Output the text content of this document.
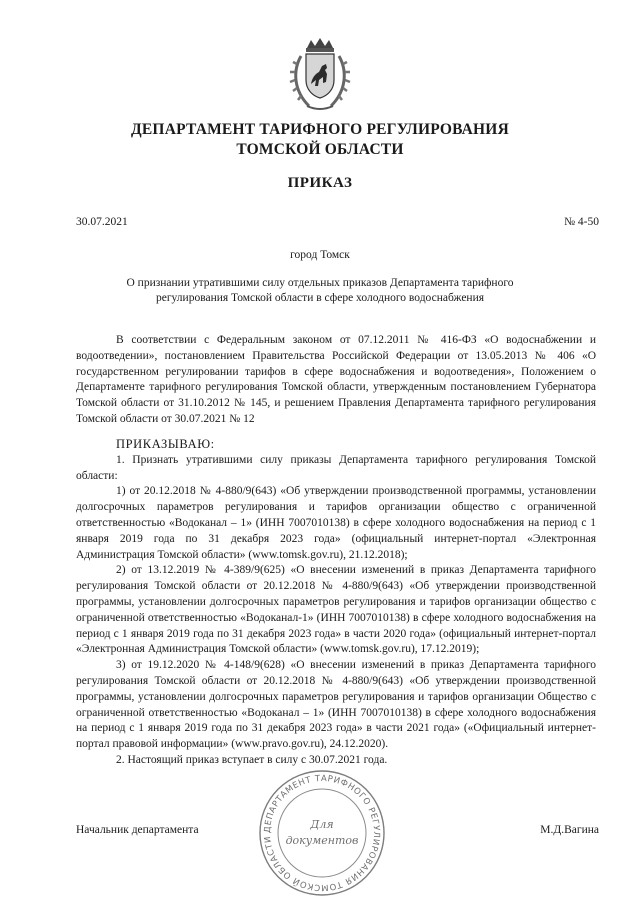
ДЕПАРТАМЕНТ ТАРИФНОГО РЕГУЛИРОВАНИЯ
ТОМСКОЙ ОБЛАСТИ
ПРИКАЗ
30.07.2021	№ 4-50
город Томск
О признании утратившими силу отдельных приказов Департамента тарифного
регулирования Томской области в сфере холодного водоснабжения

В соответствии с Федеральным законом от 07.12.2011 № 416-ФЗ «О водоснабжении и водоотведении», постановлением Правительства Российской Федерации от 13.05.2013 № 406 «О государственном регулировании тарифов в сфере водоснабжения и водоотведения», Положением о Департаменте тарифного регулирования Томской области, утвержденным постановлением Губернатора Томской области от 31.10.2012 № 145, и решением Правления Департамента тарифного регулирования Томской области от 30.07.2021 № 12

ПРИКАЗЫВАЮ:

1. Признать утратившими силу приказы Департамента тарифного регулирования Томской области:

1) от 20.12.2018 № 4-880/9(643) «Об утверждении производственной программы, установлении долгосрочных параметров регулирования и тарифов организации общество с ограниченной ответственностью «Водоканал – 1» (ИНН 7007010138) в сфере холодного водоснабжения на период с 1 января 2019 года по 31 декабря 2023 года» (официальный интернет-портал «Электронная Администрация Томской области» (www.tomsk.gov.ru), 21.12.2018);

2) от 13.12.2019 № 4-389/9(625) «О внесении изменений в приказ Департамента тарифного регулирования Томской области от 20.12.2018 № 4-880/9(643) «Об утверждении производственной программы, установлении долгосрочных параметров регулирования и тарифов организации общество с ограниченной ответственностью «Водоканал-1» (ИНН 7007010138) в сфере холодного водоснабжения на период с 1 января 2019 года по 31 декабря 2023 года» в части 2020 года» (официальный интернет-портал «Электронная Администрация Томской области» (www.tomsk.gov.ru), 17.12.2019);

3) от 19.12.2020 № 4-148/9(628) «О внесении изменений в приказ Департамента тарифного регулирования Томской области от 20.12.2018 № 4-880/9(643) «Об утверждении производственной программы, установлении долгосрочных параметров регулирования и тарифов организации Общество с ограниченной ответственностью «Водоканал – 1» (ИНН 7007010138) в сфере холодного водоснабжения на период с 1 января 2019 года по 31 декабря 2023 года» в части 2021 года» («Официальный интернет-портал правовой информации» (www.pravo.gov.ru), 24.12.2020).

2. Настоящий приказ вступает в силу с 30.07.2021 года.

Начальник департамента	М.Д.Вагина
ДЕПАРТАМЕНТ ТАРИФНОГО РЕГУЛИРОВАНИЯ ТОМСКОЙ ОБЛАСТИ
Для
документов
